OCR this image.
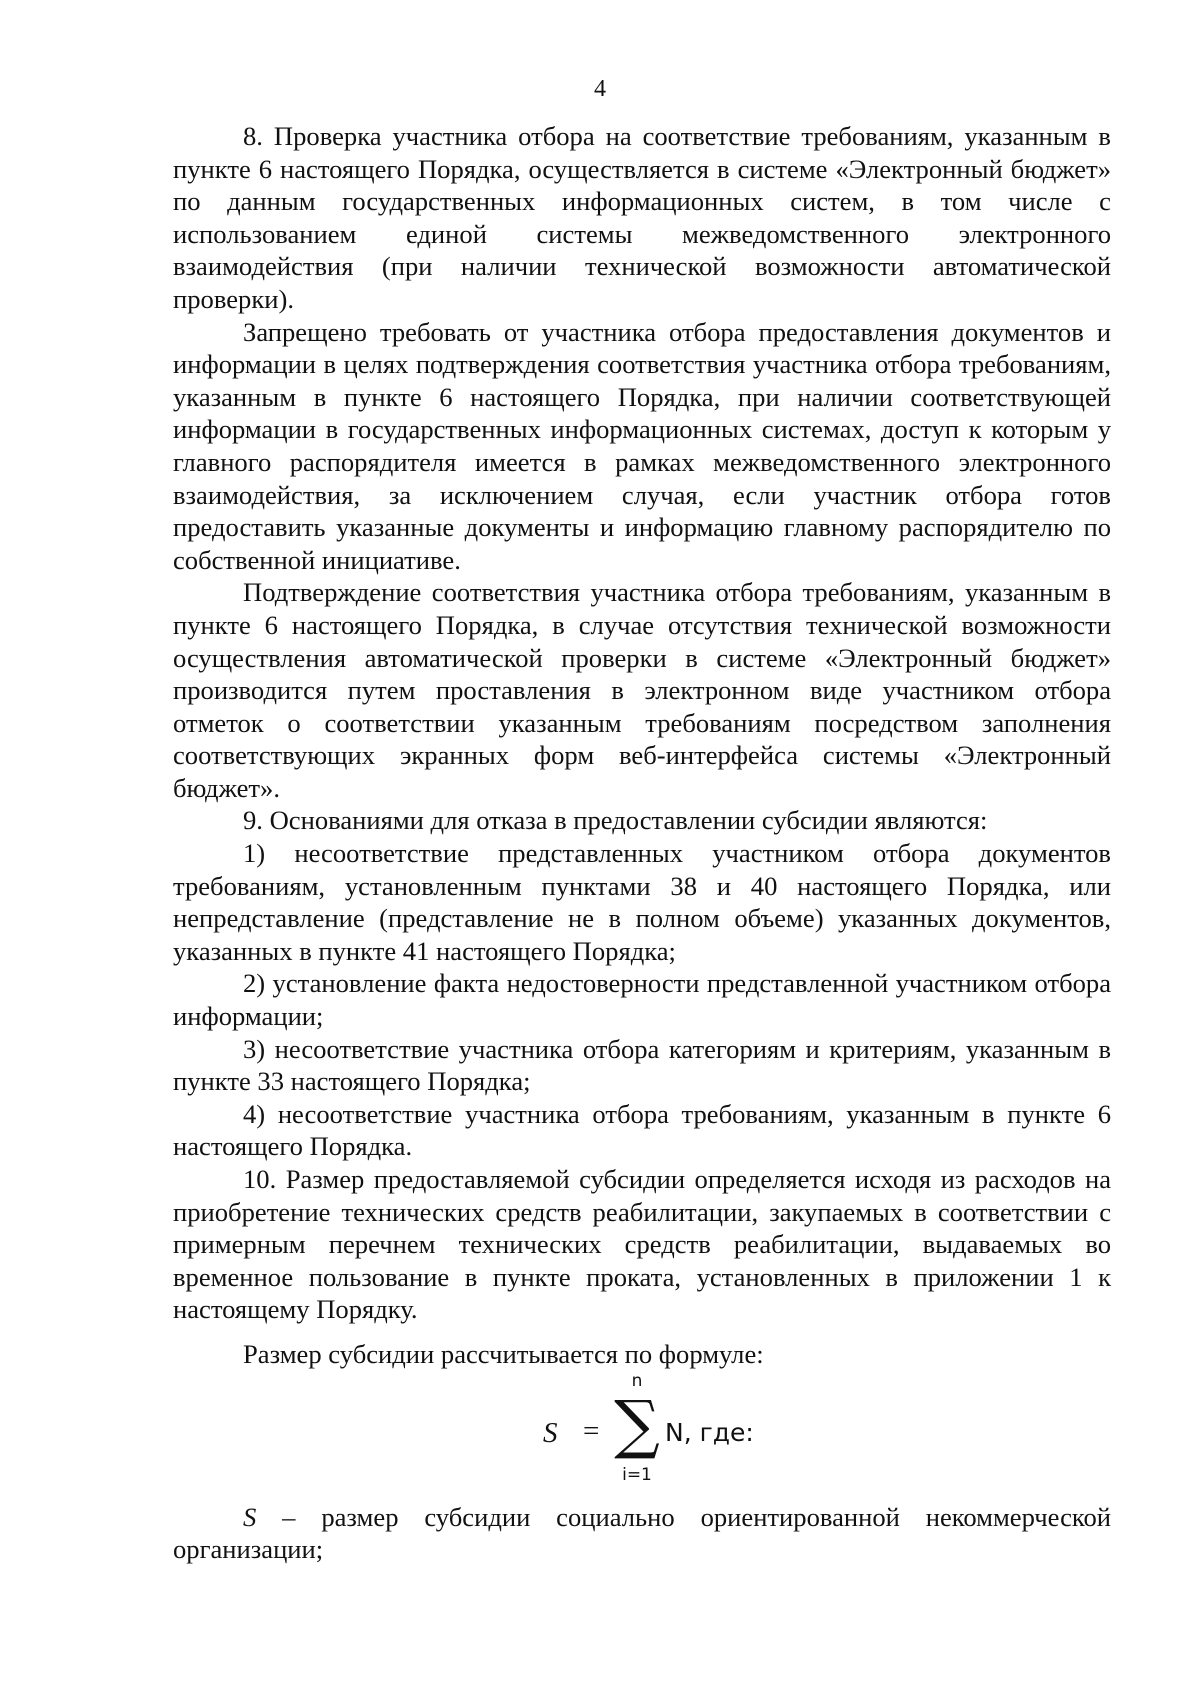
4

8. Проверка участника отбора на соответствие требованиям, указанным в пункте 6 настоящего Порядка, осуществляется в системе «Электронный бюджет» по данным государственных информационных систем, в том числе с использованием единой системы межведомственного электронного взаимодействия (при наличии технической возможности автоматической проверки).

Запрещено требовать от участника отбора предоставления документов и информации в целях подтверждения соответствия участника отбора требованиям, указанным в пункте 6 настоящего Порядка, при наличии соответствующей информации в государственных информационных системах, доступ к которым у главного распорядителя имеется в рамках межведомственного электронного взаимодействия, за исключением случая, если участник отбора готов предоставить указанные документы и информацию главному распорядителю по собственной инициативе.

Подтверждение соответствия участника отбора требованиям, указанным в пункте 6 настоящего Порядка, в случае отсутствия технической возможности осуществления автоматической проверки в системе «Электронный бюджет» производится путем проставления в электронном виде участником отбора отметок о соответствии указанным требованиям посредством заполнения соответствующих экранных форм веб-интерфейса системы «Электронный бюджет».

9. Основаниями для отказа в предоставлении субсидии являются:

1) несоответствие представленных участником отбора документов требованиям, установленным пунктами 38 и 40 настоящего Порядка, или непредставление (представление не в полном объеме) указанных документов, указанных в пункте 41 настоящего Порядка;

2) установление факта недостоверности представленной участником отбора информации;

3) несоответствие участника отбора категориям и критериям, указанным в пункте 33 настоящего Порядка;

4) несоответствие участника отбора требованиям, указанным в пункте 6 настоящего Порядка.

10. Размер предоставляемой субсидии определяется исходя из расходов на приобретение технических средств реабилитации, закупаемых в соответствии с примерным перечнем технических средств реабилитации, выдаваемых во временное пользование в пункте проката, установленных в приложении 1 к настоящему Порядку.

Размер субсидии рассчитывается по формуле:

S =
n
∑
i=1
N, где:

S – размер субсидии социально ориентированной некоммерческой организации;
